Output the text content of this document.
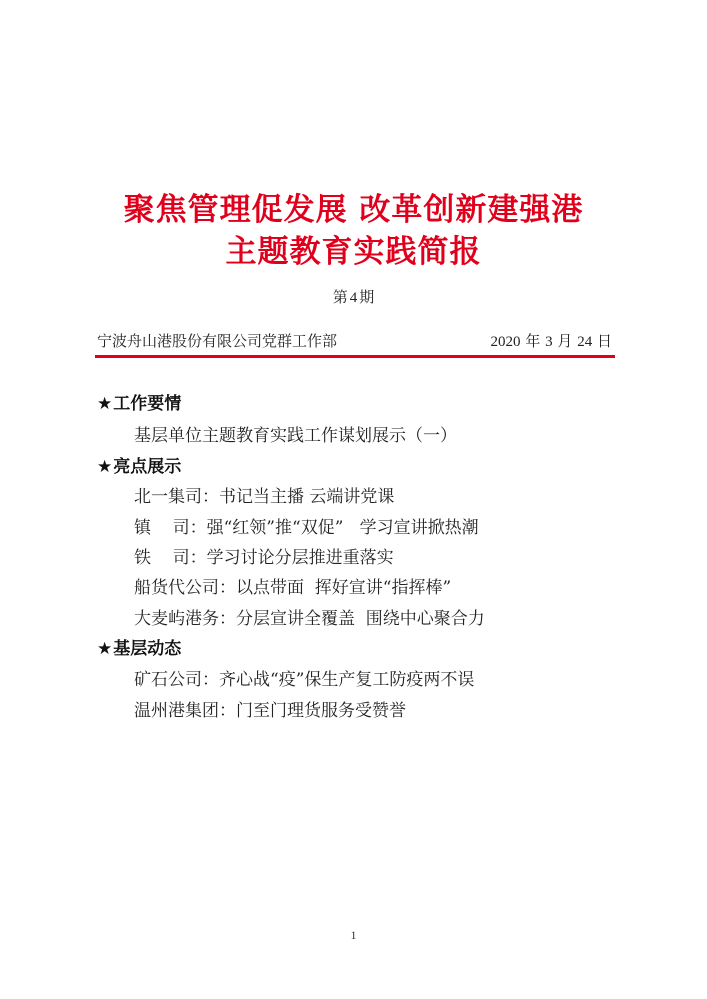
聚焦管理促发展 改革创新建强港
主题教育实践简报
第 4 期
宁波舟山港股份有限公司党群工作部	2020 年 3 月 24 日
★工作要情
基层单位主题教育实践工作谋划展示（一）
★亮点展示
北一集司：书记当主播 云端讲党课
镇    司：强“红领”推“双促”   学习宣讲掀热潮
铁    司：学习讨论分层推进重落实
船货代公司：以点带面  挥好宣讲“指挥棒”
大麦屿港务：分层宣讲全覆盖  围绕中心聚合力
★基层动态
矿石公司：齐心战“疫”保生产复工防疫两不误
温州港集团：门至门理货服务受赞誉
1
